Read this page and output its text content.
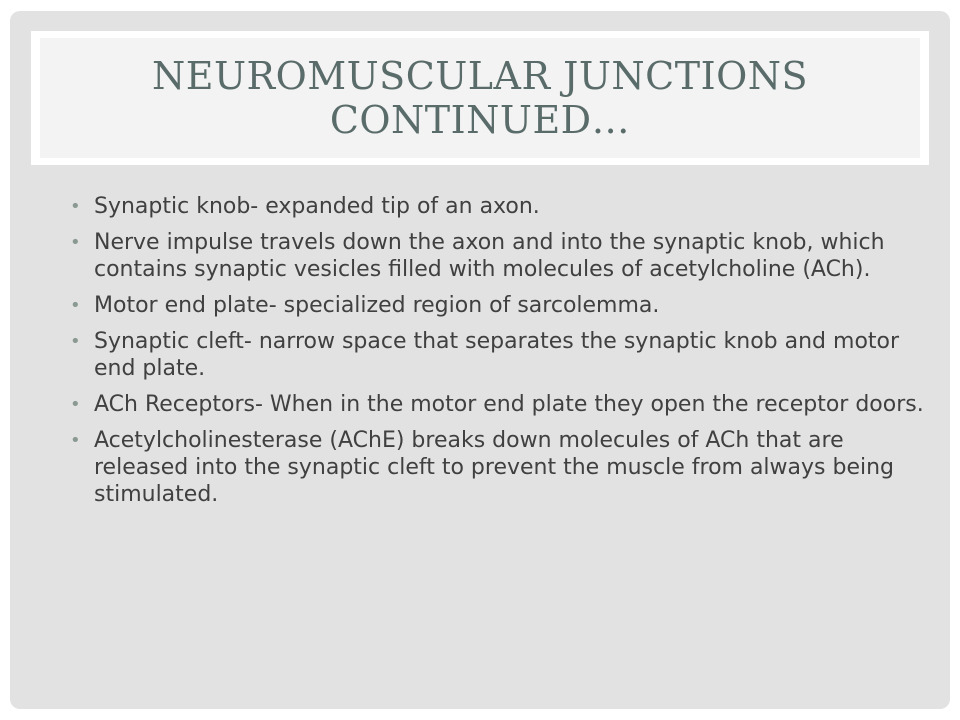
NEUROMUSCULAR JUNCTIONS CONTINUED…
• Synaptic knob- expanded tip of an axon.
• Nerve impulse travels down the axon and into the synaptic knob, which contains synaptic vesicles filled with molecules of acetylcholine (ACh).
• Motor end plate- specialized region of sarcolemma.
• Synaptic cleft- narrow space that separates the synaptic knob and motor end plate.
• ACh Receptors- When in the motor end plate they open the receptor doors.
• Acetylcholinesterase (AChE) breaks down molecules of ACh that are released into the synaptic cleft to prevent the muscle from always being stimulated.
